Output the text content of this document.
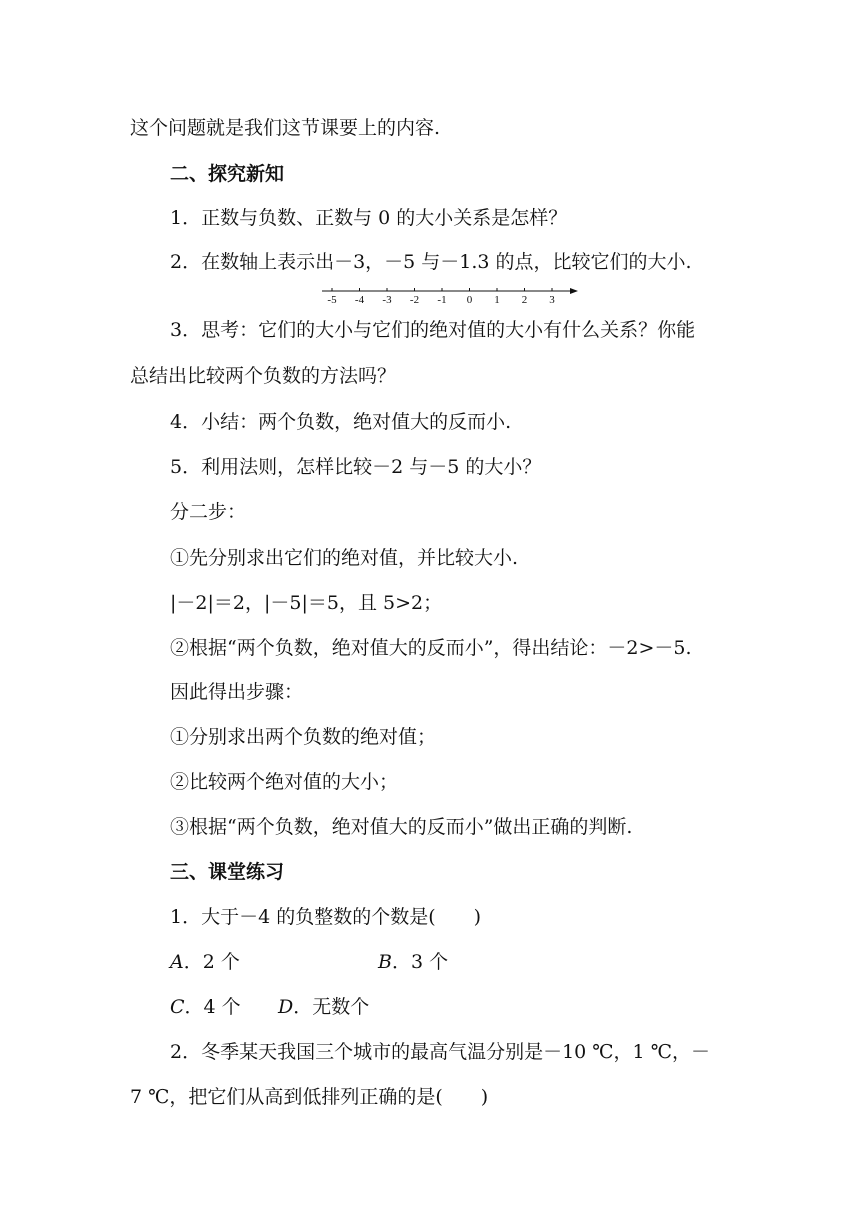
这个问题就是我们这节课要上的内容.
二、探究新知
1．正数与负数、正数与 0 的大小关系是怎样？
2．在数轴上表示出－3，－5 与－1.3 的点，比较它们的大小.
-5 -4 -3 -2 -1 0 1 2 3
3．思考：它们的大小与它们的绝对值的大小有什么关系？你能
总结出比较两个负数的方法吗？
4．小结：两个负数，绝对值大的反而小.
5．利用法则，怎样比较－2 与－5 的大小？
分二步：
①先分别求出它们的绝对值，并比较大小.
|－2|＝2，|－5|＝5，且 5>2；
②根据“两个负数，绝对值大的反而小”，得出结论：－2>－5.
因此得出步骤：
①分别求出两个负数的绝对值；
②比较两个绝对值的大小；
③根据“两个负数，绝对值大的反而小”做出正确的判断.
三、课堂练习
1．大于－4 的负整数的个数是(　　)
A．2 个	B．3 个
C．4 个 D．无数个
2．冬季某天我国三个城市的最高气温分别是－10 ℃，1 ℃，－
7 ℃，把它们从高到低排列正确的是(　　)
